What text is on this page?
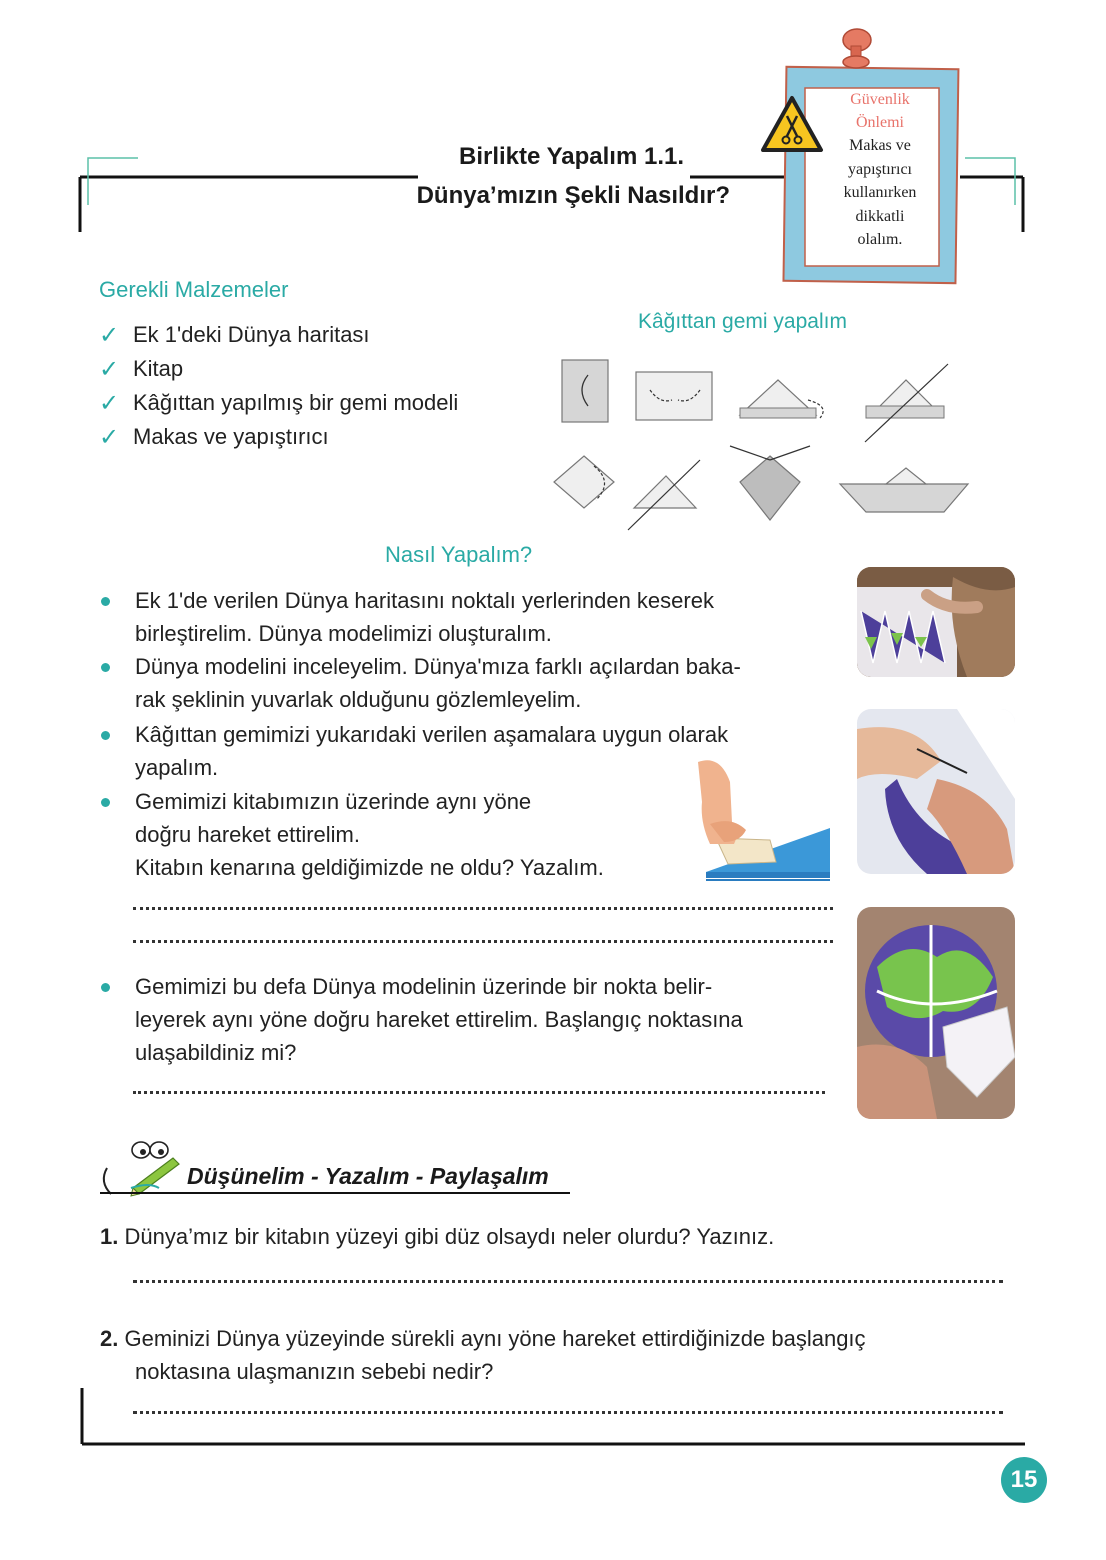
Birlikte Yapalım 1.1.
Dünya’mızın Şekli Nasıldır?
Güvenlik
Önlemi
Makas ve
yapıştırıcı
kullanırken
dikkatli
olalım.
Gerekli Malzemeler
✓ Ek 1'deki Dünya haritası
✓ Kitap
✓ Kâğıttan yapılmış bir gemi modeli
✓ Makas ve yapıştırıcı
Kâğıttan gemi yapalım
Nasıl Yapalım?
Ek 1'de verilen Dünya haritasını noktalı yerlerinden keserek
birleştirelim. Dünya modelimizi oluşturalım.
Dünya modelini inceleyelim. Dünya'mıza farklı açılardan baka-
rak şeklinin yuvarlak olduğunu gözlemleyelim.
Kâğıttan gemimizi yukarıdaki verilen aşamalara uygun olarak
yapalım.
Gemimizi kitabımızın üzerinde aynı yöne
doğru hareket ettirelim.
Kitabın kenarına geldiğimizde ne oldu? Yazalım.
Gemimizi bu defa Dünya modelinin üzerinde bir nokta belir-
leyerek aynı yöne doğru hareket ettirelim. Başlangıç noktasına
ulaşabildiniz mi?
Düşünelim - Yazalım - Paylaşalım
1. Dünya’mız bir kitabın yüzeyi gibi düz olsaydı neler olurdu? Yazınız.
2. Geminizi Dünya yüzeyinde sürekli aynı yöne hareket ettirdiğinizde başlangıç
noktasına ulaşmanızın sebebi nedir?
15
